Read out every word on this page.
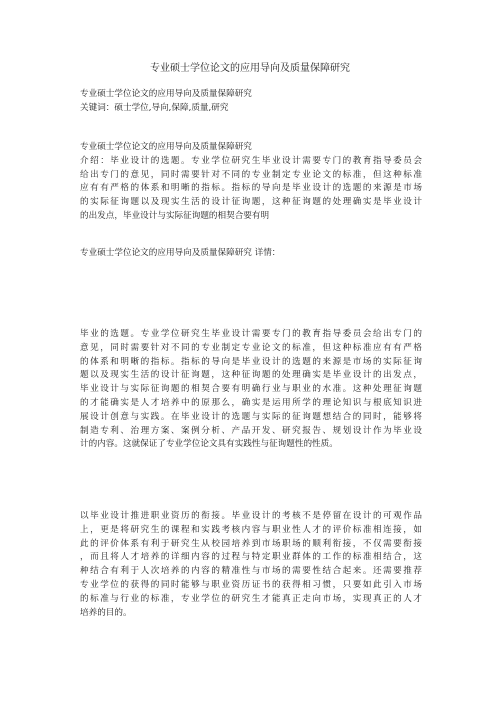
专业硕士学位论文的应用导向及质量保障研究
专业硕士学位论文的应用导向及质量保障研究
关键词：硕士学位,导向,保障,质量,研究
专业硕士学位论文的应用导向及质量保障研究
介绍：毕业设计的选题。专业学位研究生毕业设计需要专门的教育指导委员会
给出专门的意见，同时需要针对不同的专业制定专业论文的标准，但这种标准
应有有严格的体系和明晰的指标。指标的导向是毕业设计的选题的来源是市场
的实际征询题以及现实生活的设计征询题，这种征询题的处理确实是毕业设计
的出发点，毕业设计与实际征询题的相契合要有明
专业硕士学位论文的应用导向及质量保障研究 详情：
毕业的选题。专业学位研究生毕业设计需要专门的教育指导委员会给出专门的
意见，同时需要针对不同的专业制定专业论文的标准，但这种标准应有有严格
的体系和明晰的指标。指标的导向是毕业设计的选题的来源是市场的实际征询
题以及现实生活的设计征询题，这种征询题的处理确实是毕业设计的出发点，
毕业设计与实际征询题的相契合要有明确行业与职业的水准。这种处理征询题
的才能确实是人才培养中的原那么，确实是运用所学的理论知识与根底知识进
展设计创意与实践。在毕业设计的选题与实际的征询题想结合的同时，能够将
制造专利、治理方案、案例分析、产品开发、研究报告、规划设计作为毕业设
计的内容。这就保证了专业学位论文具有实践性与征询题性的性质。
以毕业设计推进职业资历的衔接。毕业设计的考核不是停留在设计的可观作品
上，更是将研究生的课程和实践考核内容与职业性人才的评价标准相连接，如
此的评价体系有利于研究生从校园培养到市场职场的顺利衔接，不仅需要衔接
，而且将人才培养的详细内容的过程与特定职业群体的工作的标准相结合，这
种结合有利于人次培养的内容的精准性与市场的需要性结合起来。还需要推荐
专业学位的获得的同时能够与职业资历证书的获得相习惯，只要如此引入市场
的标准与行业的标准，专业学位的研究生才能真正走向市场，实现真正的人才
培养的目的。
